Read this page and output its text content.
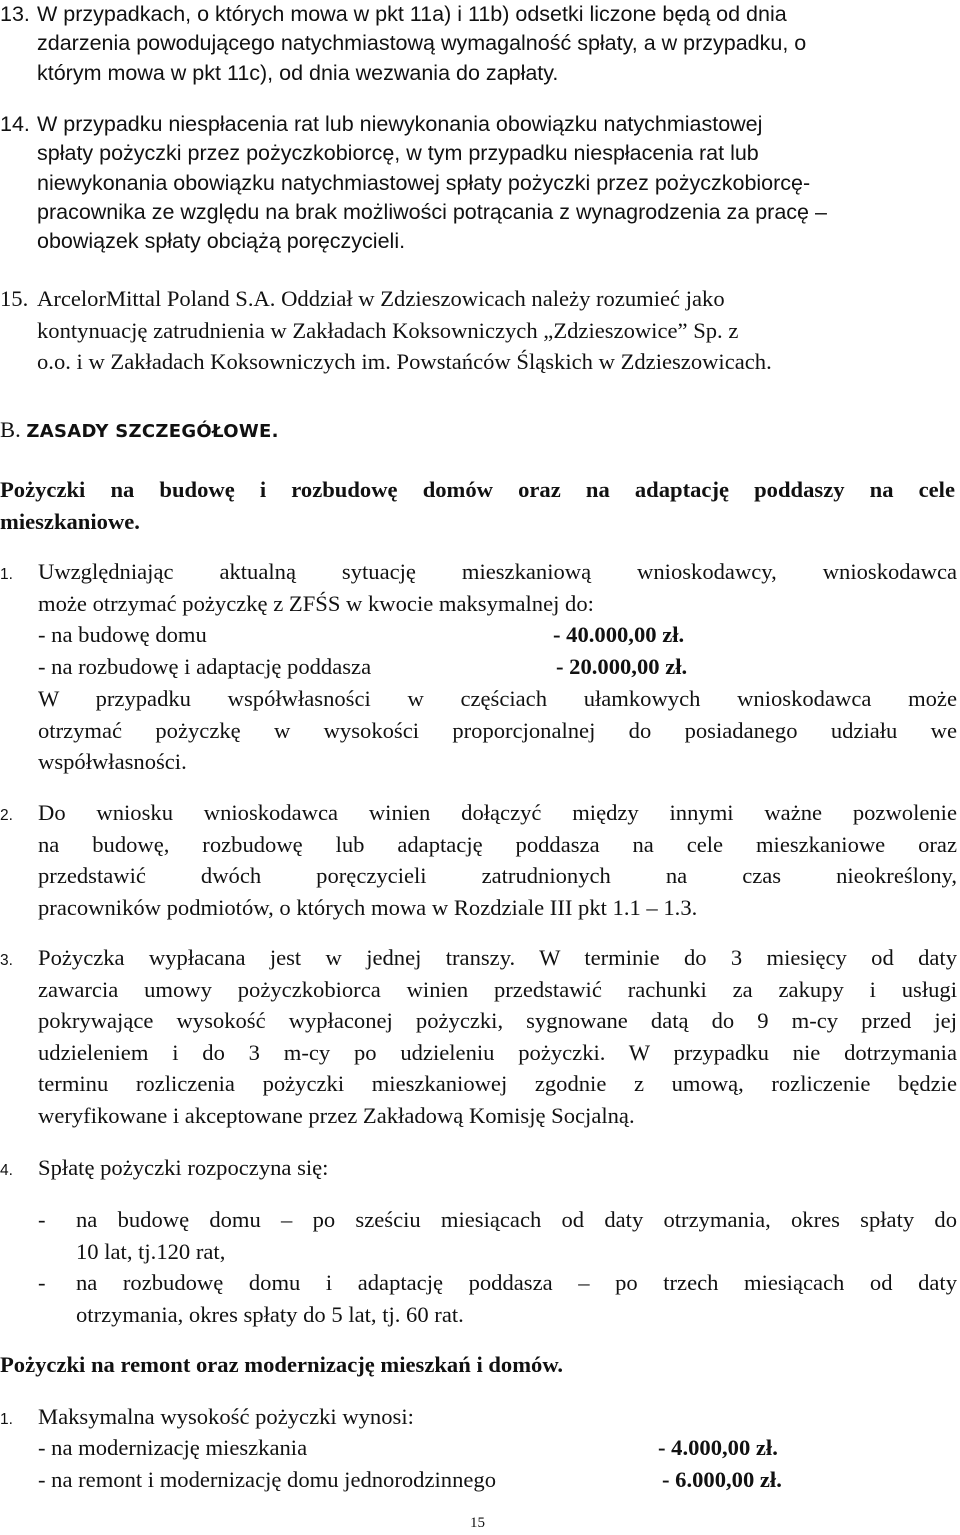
13. W przypadkach, o których mowa w pkt 11a) i 11b) odsetki liczone będą od dnia
zdarzenia powodującego natychmiastową wymagalność spłaty, a w przypadku, o
którym mowa w pkt 11c), od dnia wezwania do zapłaty.
14. W przypadku niespłacenia rat lub niewykonania obowiązku natychmiastowej
spłaty pożyczki przez pożyczkobiorcę, w tym przypadku niespłacenia rat lub
niewykonania obowiązku natychmiastowej spłaty pożyczki przez pożyczkobiorcę-
pracownika ze względu na brak możliwości potrącania z wynagrodzenia za pracę –
obowiązek spłaty obciążą poręczycieli.
15. ArcelorMittal Poland S.A. Oddział w Zdzieszowicach należy rozumieć jako
kontynuację zatrudnienia w Zakładach Koksowniczych „Zdzieszowice” Sp. z
o.o. i w Zakładach Koksowniczych im. Powstańców Śląskich w Zdzieszowicach.
B. ZASADY SZCZEGÓŁOWE.
Pożyczki na budowę i rozbudowę domów oraz na adaptację poddaszy na cele
mieszkaniowe.
1.	Uwzględniając aktualną sytuację mieszkaniową wnioskodawcy, wnioskodawca
może otrzymać pożyczkę z ZFŚS w kwocie maksymalnej do:
- na budowę domu	- 40.000,00 zł.
- na rozbudowę i adaptację poddasza	- 20.000,00 zł.
W przypadku współwłasności w częściach ułamkowych wnioskodawca może
otrzymać pożyczkę w wysokości proporcjonalnej do posiadanego udziału we
współwłasności.
2.	Do wniosku wnioskodawca winien dołączyć między innymi ważne pozwolenie
na budowę, rozbudowę lub adaptację poddasza na cele mieszkaniowe oraz
przedstawić dwóch poręczycieli zatrudnionych na czas nieokreślony,
pracowników podmiotów, o których mowa w Rozdziale III pkt 1.1 – 1.3.
3.	Pożyczka wypłacana jest w jednej transzy. W terminie do 3 miesięcy od daty
zawarcia umowy pożyczkobiorca winien przedstawić rachunki za zakupy i usługi
pokrywające wysokość wypłaconej pożyczki, sygnowane datą do 9 m-cy przed jej
udzieleniem i do 3 m-cy po udzieleniu pożyczki. W przypadku nie dotrzymania
terminu rozliczenia pożyczki mieszkaniowej zgodnie z umową, rozliczenie będzie
weryfikowane i akceptowane przez Zakładową Komisję Socjalną.
4.	Spłatę pożyczki rozpoczyna się:
-	na budowę domu – po sześciu miesiącach od daty otrzymania, okres spłaty do
10 lat, tj.120 rat,
-	na rozbudowę domu i adaptację poddasza – po trzech miesiącach od daty
otrzymania, okres spłaty do 5 lat, tj. 60 rat.
Pożyczki na remont oraz modernizację mieszkań i domów.
1.	Maksymalna wysokość pożyczki wynosi:
- na modernizację mieszkania	- 4.000,00 zł.
- na remont i modernizację domu jednorodzinnego	- 6.000,00 zł.
15
